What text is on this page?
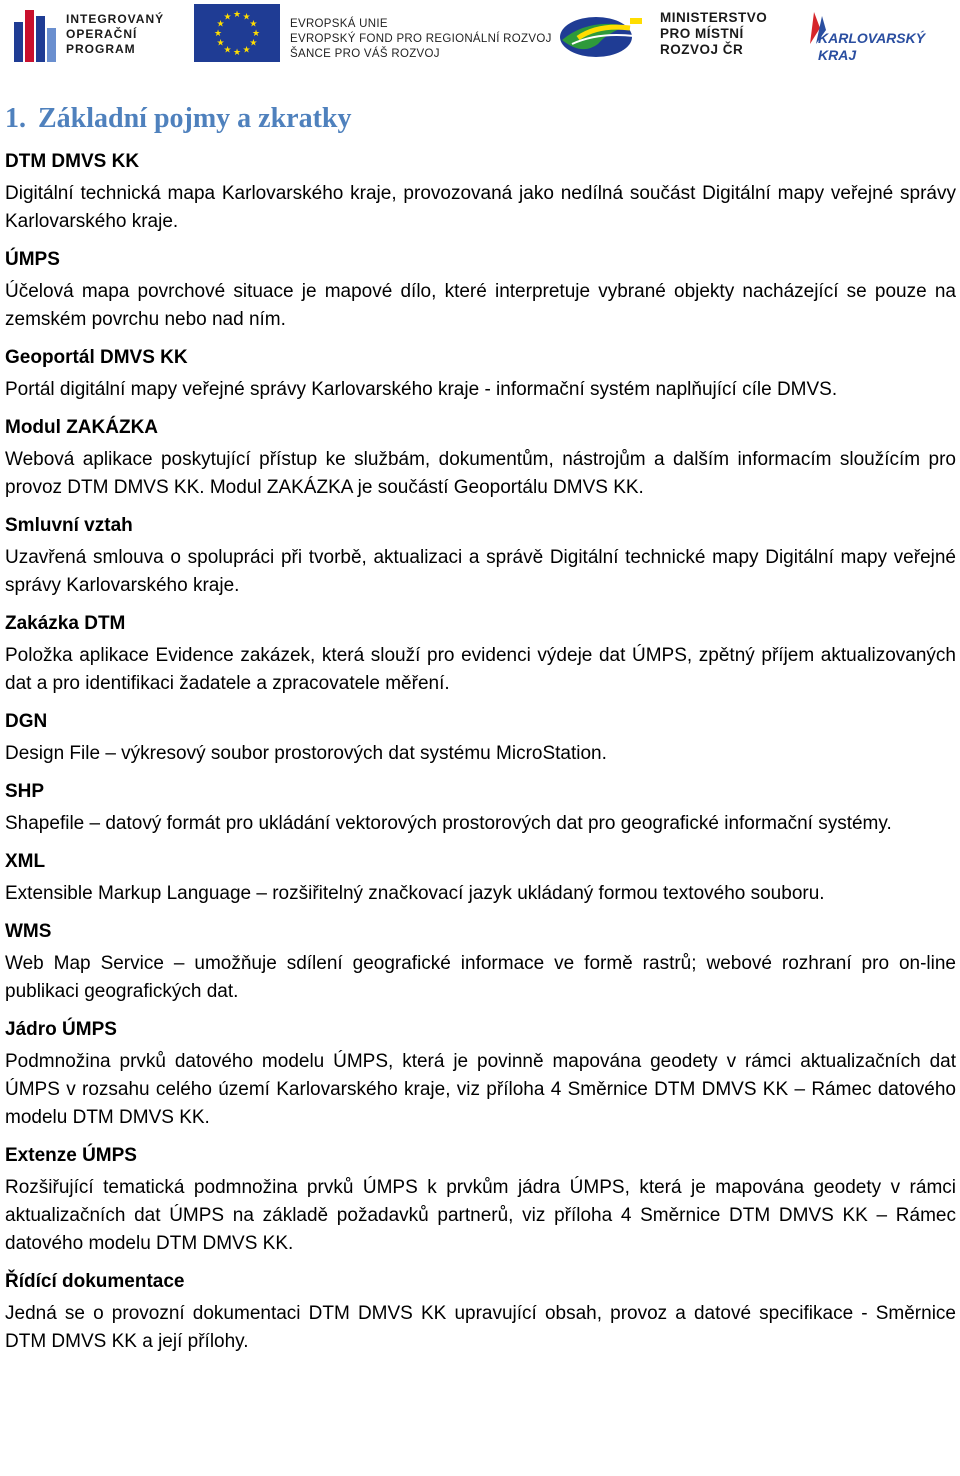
INTEGROVANÝ
OPERAČNÍ
PROGRAM
★
★
★
★
★
★
★
★
★ ★ ★
★	EVROPSKÁ UNIE
EVROPSKÝ FOND PRO REGIONÁLNÍ ROZVOJ
ŠANCE PRO VÁŠ ROZVOJ
MINISTERSTVO
PRO MÍSTNÍ
ROZVOJ ČR
KARLOVARSKÝ
KRAJ
1. Základní pojmy a zkratky
DTM DMVS KK
Digitální technická mapa Karlovarského kraje, provozovaná jako nedílná součást Digitální mapy veřejné správy Karlovarského kraje.
ÚMPS
Účelová mapa povrchové situace je mapové dílo, které interpretuje vybrané objekty nacházející se pouze na zemském povrchu nebo nad ním.
Geoportál DMVS KK
Portál digitální mapy veřejné správy Karlovarského kraje - informační systém naplňující cíle DMVS.
Modul ZAKÁZKA
Webová aplikace poskytující přístup ke službám, dokumentům, nástrojům a dalším informacím sloužícím pro provoz DTM DMVS KK. Modul ZAKÁZKA je součástí Geoportálu DMVS KK.
Smluvní vztah
Uzavřená smlouva o spolupráci při tvorbě, aktualizaci a správě Digitální technické mapy Digitální mapy veřejné správy Karlovarského kraje.
Zakázka DTM
Položka aplikace Evidence zakázek, která slouží pro evidenci výdeje dat ÚMPS, zpětný příjem aktualizovaných dat a pro identifikaci žadatele a zpracovatele měření.
DGN
Design File – výkresový soubor prostorových dat systému MicroStation.
SHP
Shapefile – datový formát pro ukládání vektorových prostorových dat pro geografické informační systémy.
XML
Extensible Markup Language – rozšiřitelný značkovací jazyk ukládaný formou textového souboru.
WMS
Web Map Service – umožňuje sdílení geografické informace ve formě rastrů; webové rozhraní pro on-line publikaci geografických dat.
Jádro ÚMPS
Podmnožina prvků datového modelu ÚMPS, která je povinně mapována geodety v rámci aktualizačních dat ÚMPS v rozsahu celého území Karlovarského kraje, viz příloha 4 Směrnice DTM DMVS KK – Rámec datového modelu DTM DMVS KK.
Extenze ÚMPS
Rozšiřující tematická podmnožina prvků ÚMPS k prvkům jádra ÚMPS, která je mapována geodety v rámci aktualizačních dat ÚMPS na základě požadavků partnerů, viz příloha 4 Směrnice DTM DMVS KK – Rámec datového modelu DTM DMVS KK.
Řídící dokumentace
Jedná se o provozní dokumentaci DTM DMVS KK upravující obsah, provoz a datové specifikace - Směrnice DTM DMVS KK a její přílohy.
